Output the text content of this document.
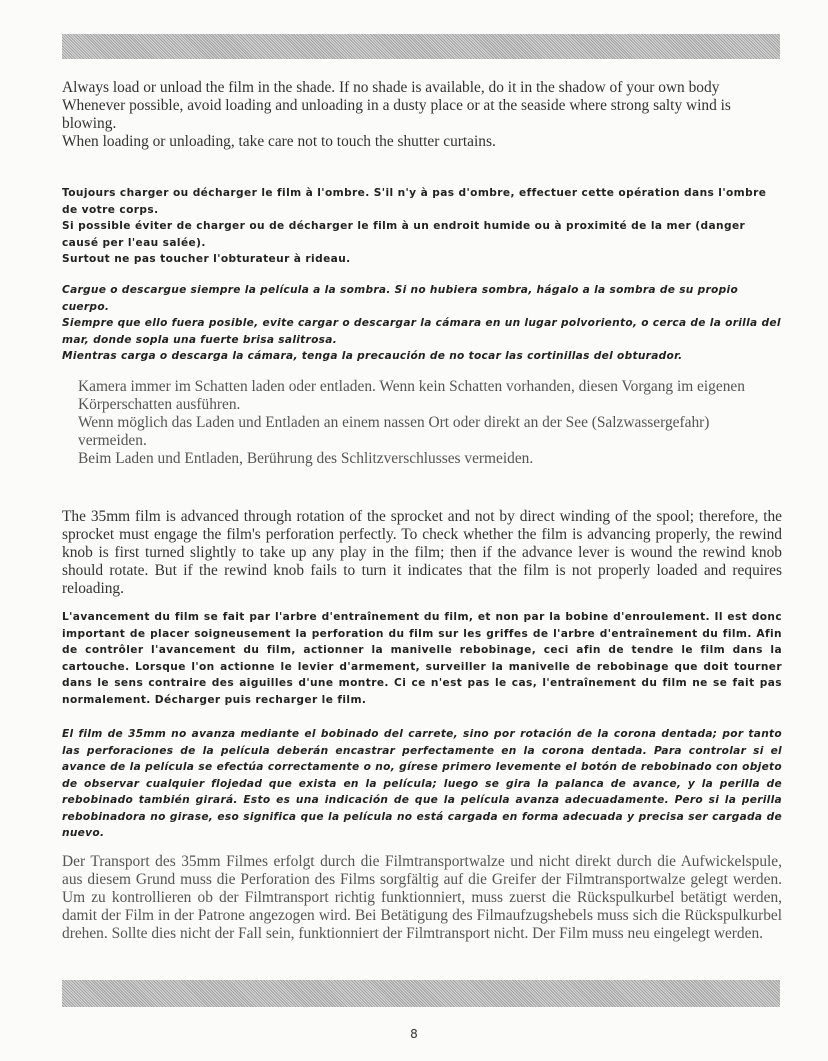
Always load or unload the film in the shade. If no shade is available, do it in the shadow of your own body

Whenever possible, avoid loading and unloading in a dusty place or at the seaside where strong salty wind is blowing.

When loading or unloading, take care not to touch the shutter curtains.

Toujours charger ou décharger le film à l'ombre. S'il n'y à pas d'ombre, effectuer cette opération dans l'ombre de votre corps.

Si possible éviter de charger ou de décharger le film à un endroit humide ou à proximité de la mer (danger causé per l'eau salée).

Surtout ne pas toucher l'obturateur à rideau.

Cargue o descargue siempre la película a la sombra. Si no hubiera sombra, hágalo a la sombra de su propio cuerpo.

Siempre que ello fuera posible, evite cargar o descargar la cámara en un lugar polvoriento, o cerca de la orilla del mar, donde sopla una fuerte brisa salitrosa.

Mientras carga o descarga la cámara, tenga la precaución de no tocar las cortinillas del obturador.

Kamera immer im Schatten laden oder entladen. Wenn kein Schatten vorhanden, diesen Vorgang im eigenen Körperschatten ausführen.

Wenn möglich das Laden und Entladen an einem nassen Ort oder direkt an der See (Salzwassergefahr) vermeiden.

Beim Laden und Entladen, Berührung des Schlitzverschlusses vermeiden.

The 35mm film is advanced through rotation of the sprocket and not by direct winding of the spool; therefore, the sprocket must engage the film's perforation perfectly. To check whether the film is advancing properly, the rewind knob is first turned slightly to take up any play in the film; then if the advance lever is wound the rewind knob should rotate. But if the rewind knob fails to turn it indicates that the film is not properly loaded and requires reloading.

L'avancement du film se fait par l'arbre d'entraînement du film, et non par la bobine d'enroulement. Il est donc important de placer soigneusement la perforation du film sur les griffes de l'arbre d'entraînement du film. Afin de contrôler l'avancement du film, actionner la manivelle rebobinage, ceci afin de tendre le film dans la cartouche. Lorsque l'on actionne le levier d'armement, surveiller la manivelle de rebobinage que doit tourner dans le sens contraire des aiguilles d'une montre. Ci ce n'est pas le cas, l'entraînement du film ne se fait pas normalement. Décharger puis recharger le film.

El film de 35mm no avanza mediante el bobinado del carrete, sino por rotación de la corona dentada; por tanto las perforaciones de la película deberán encastrar perfectamente en la corona dentada. Para controlar si el avance de la película se efectúa correctamente o no, gírese primero levemente el botón de rebobinado con objeto de observar cualquier flojedad que exista en la película; luego se gira la palanca de avance, y la perilla de rebobinado también girará. Esto es una indicación de que la película avanza adecuadamente. Pero si la perilla rebobinadora no girase, eso significa que la película no está cargada en forma adecuada y precisa ser cargada de nuevo.

Der Transport des 35mm Filmes erfolgt durch die Filmtransportwalze und nicht direkt durch die Aufwickelspule, aus diesem Grund muss die Perforation des Films sorgfältig auf die Greifer der Filmtransportwalze gelegt werden. Um zu kontrollieren ob der Filmtransport richtig funktionniert, muss zuerst die Rückspulkurbel betätigt werden, damit der Film in der Patrone angezogen wird. Bei Betätigung des Filmaufzugshebels muss sich die Rückspulkurbel drehen. Sollte dies nicht der Fall sein, funktionniert der Filmtransport nicht. Der Film muss neu eingelegt werden.

8
